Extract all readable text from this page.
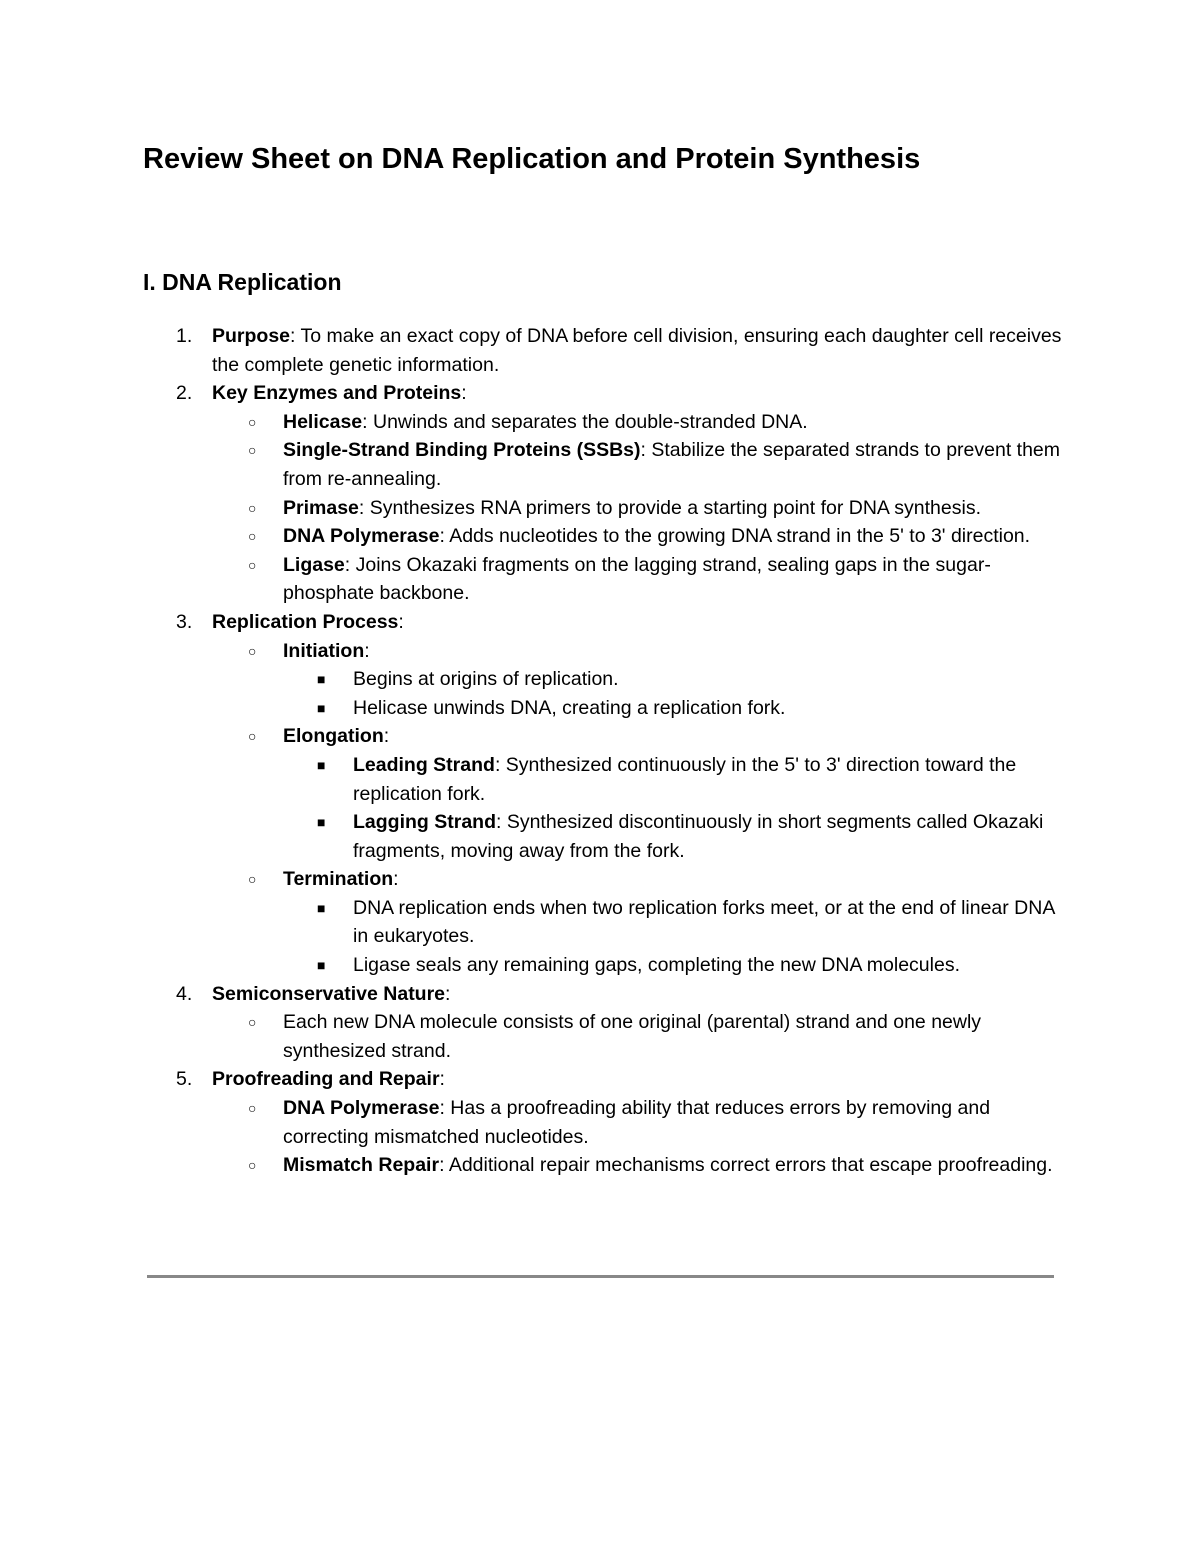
Review Sheet on DNA Replication and Protein Synthesis
I. DNA Replication
1. Purpose: To make an exact copy of DNA before cell division, ensuring each daughter cell receives the complete genetic information.
2. Key Enzymes and Proteins:
○ Helicase: Unwinds and separates the double-stranded DNA.
○ Single-Strand Binding Proteins (SSBs): Stabilize the separated strands to prevent them from re-annealing.
○ Primase: Synthesizes RNA primers to provide a starting point for DNA synthesis.
○ DNA Polymerase: Adds nucleotides to the growing DNA strand in the 5' to 3' direction.
○ Ligase: Joins Okazaki fragments on the lagging strand, sealing gaps in the sugar-phosphate backbone.
3. Replication Process:
○ Initiation:
■ Begins at origins of replication.
■ Helicase unwinds DNA, creating a replication fork.
○ Elongation:
■ Leading Strand: Synthesized continuously in the 5' to 3' direction toward the replication fork.
■ Lagging Strand: Synthesized discontinuously in short segments called Okazaki fragments, moving away from the fork.
○ Termination:
■ DNA replication ends when two replication forks meet, or at the end of linear DNA in eukaryotes.
■ Ligase seals any remaining gaps, completing the new DNA molecules.
4. Semiconservative Nature:
○ Each new DNA molecule consists of one original (parental) strand and one newly synthesized strand.
5. Proofreading and Repair:
○ DNA Polymerase: Has a proofreading ability that reduces errors by removing and correcting mismatched nucleotides.
○ Mismatch Repair: Additional repair mechanisms correct errors that escape proofreading.
